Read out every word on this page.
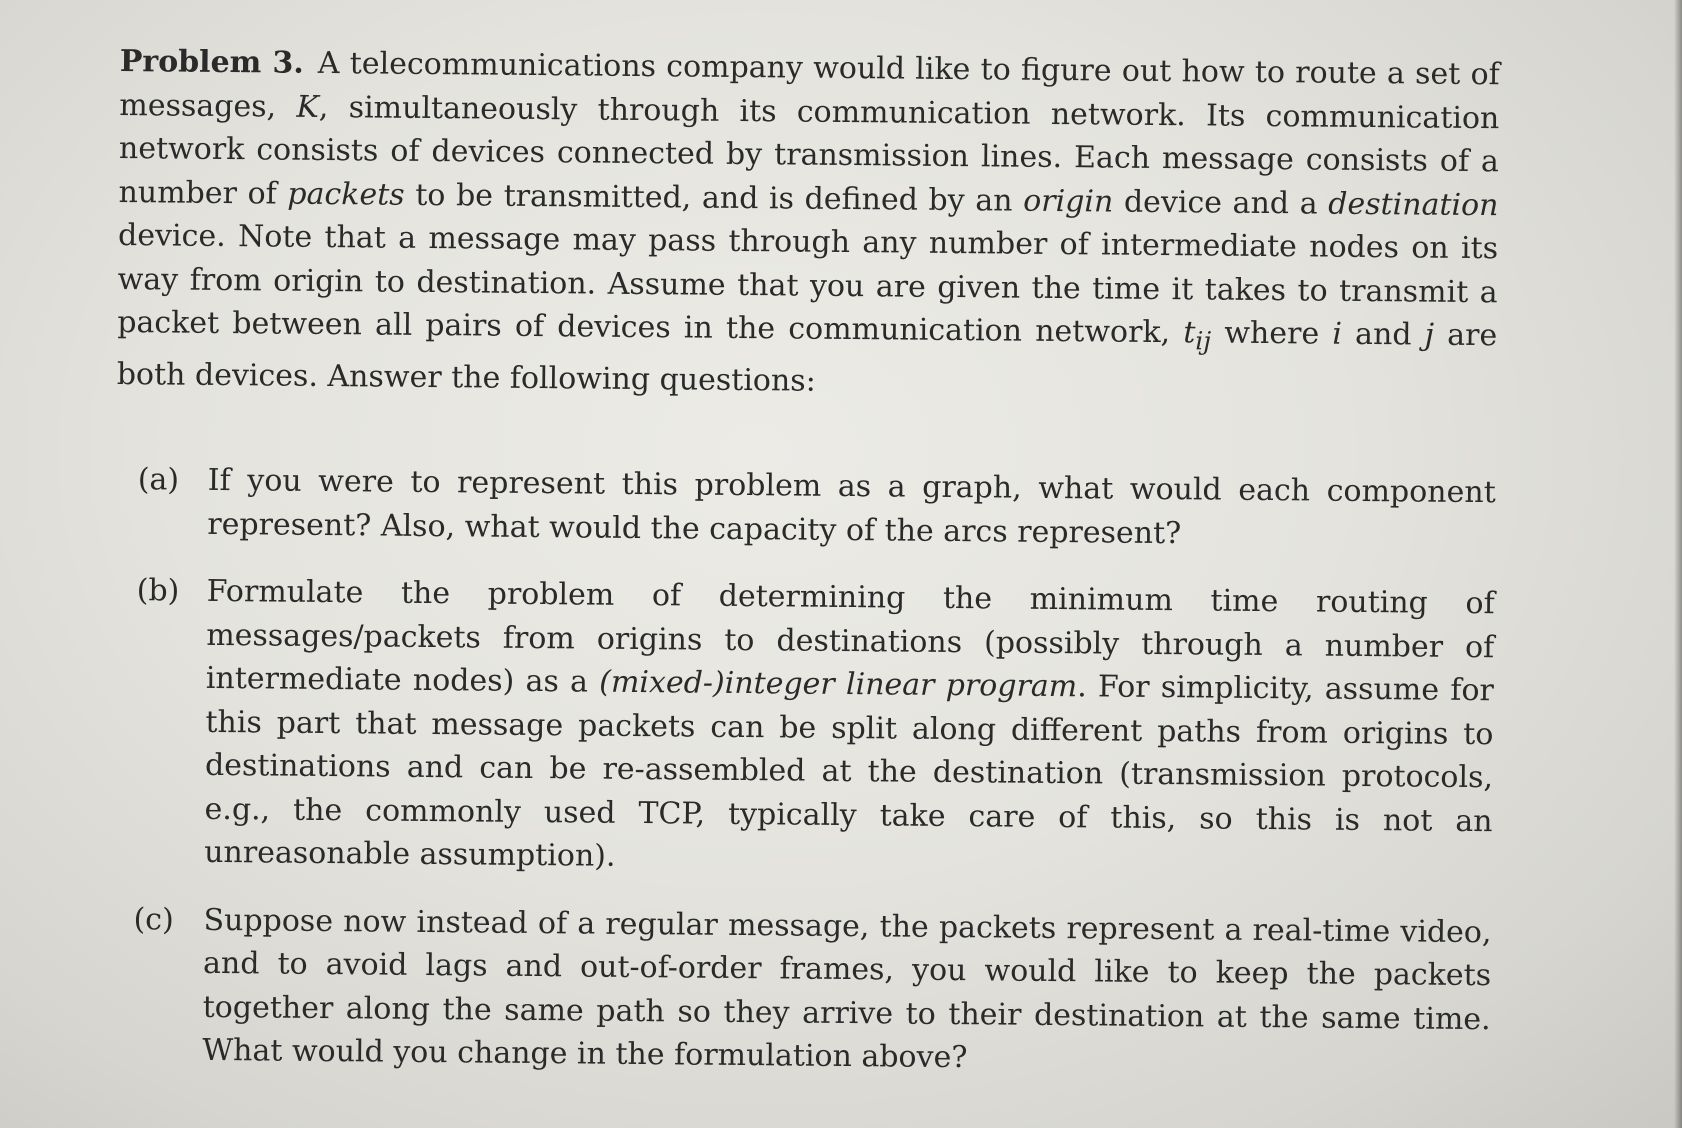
Problem 3. A telecommunications company would like to figure out how to route a set of messages, K, simultaneously through its communication network. Its communication network consists of devices connected by transmission lines. Each message consists of a number of packets to be transmitted, and is defined by an origin device and a destination device. Note that a message may pass through any number of intermediate nodes on its way from origin to destination. Assume that you are given the time it takes to transmit a packet between all pairs of devices in the communication network, $t_{ij}$ where i and j are both devices. Answer the following questions:

(a) If you were to represent this problem as a graph, what would each component represent? Also, what would the capacity of the arcs represent?
(b) Formulate the problem of determining the minimum time routing of messages/packets from origins to destinations (possibly through a number of intermediate nodes) as a (mixed-)integer linear program. For simplicity, assume for this part that message packets can be split along different paths from origins to destinations and can be re-assembled at the destination (transmission protocols, e.g., the commonly used TCP, typically take care of this, so this is not an unreasonable assumption).
(c) Suppose now instead of a regular message, the packets represent a real-time video, and to avoid lags and out-of-order frames, you would like to keep the packets together along the same path so they arrive to their destination at the same time. What would you change in the formulation above?
